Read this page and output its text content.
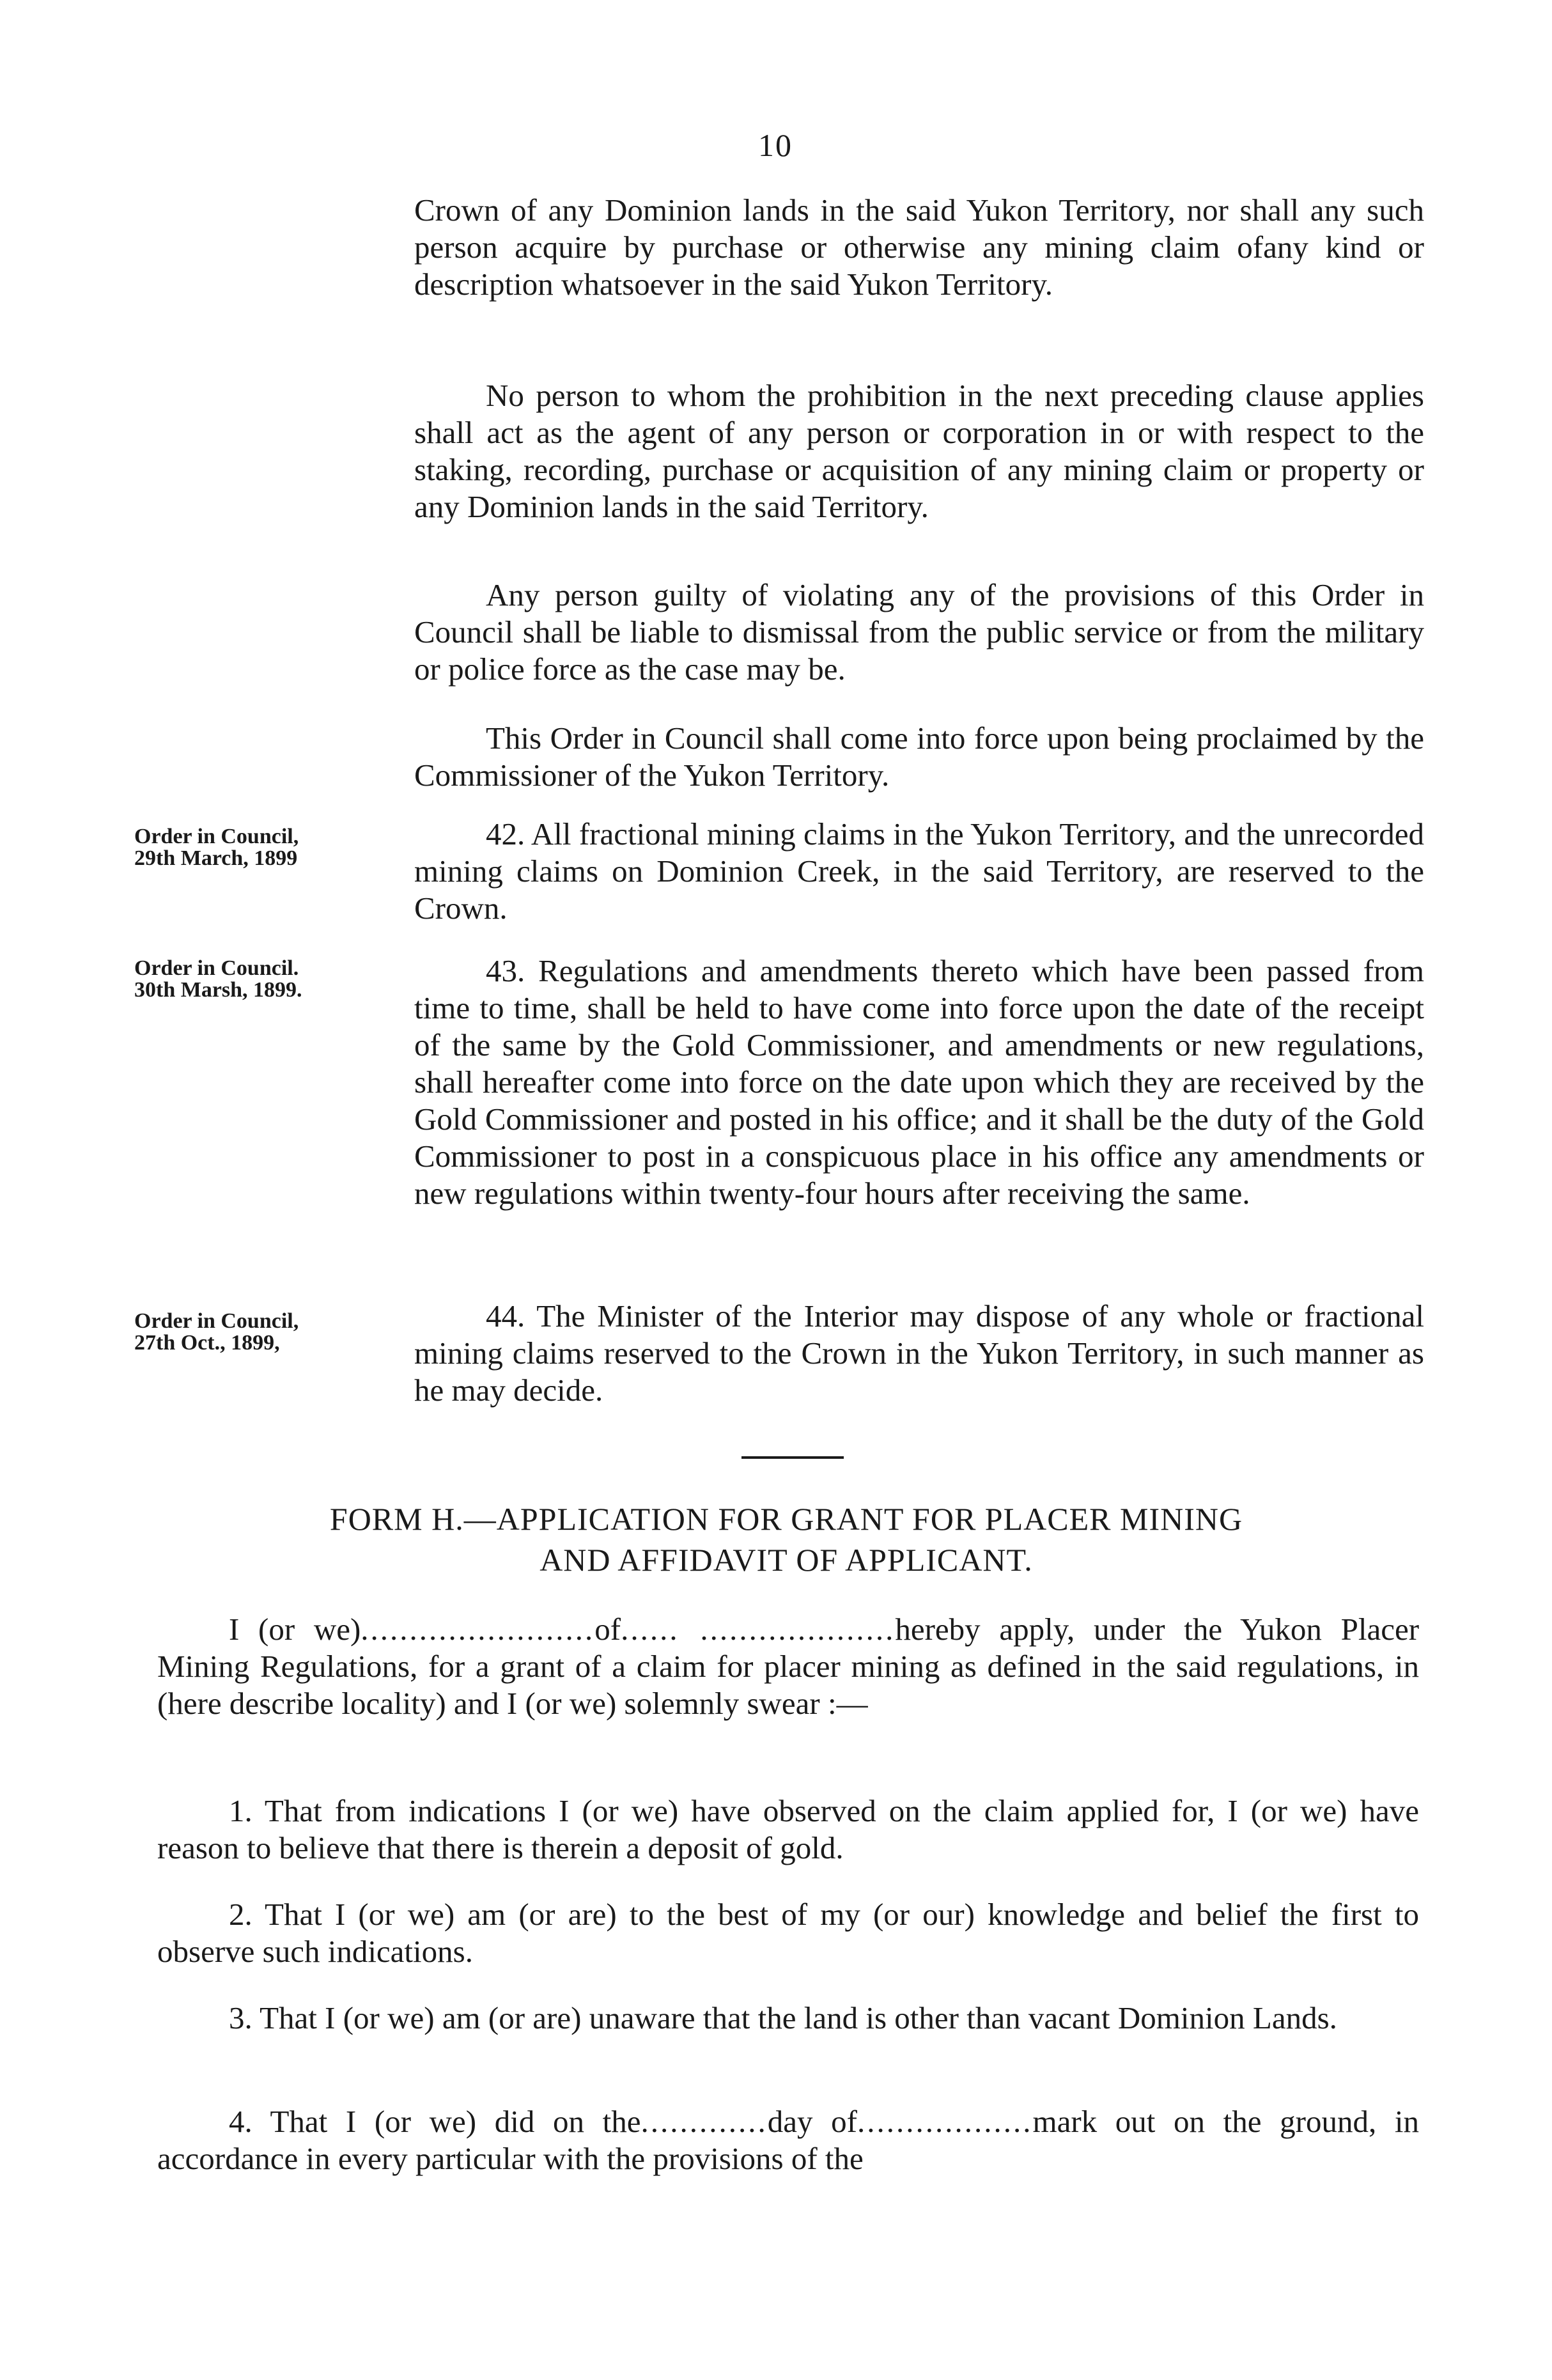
10

Crown of any Dominion lands in the said Yukon Territory, nor shall any such person acquire by purchase or otherwise any mining claim ofany kind or description whatsoever in the said Yukon Territory.

No person to whom the prohibition in the next preceding clause applies shall act as the agent of any person or corporation in or with respect to the staking, recording, purchase or acquisition of any mining claim or property or any Dominion lands in the said Territory.

Any person guilty of violating any of the provisions of this Order in Council shall be liable to dismissal from the public service or from the military or police force as the case may be.

This Order in Council shall come into force upon being proclaimed by the Commissioner of the Yukon Territory.

Order in Council,
29th March, 1899

42. All fractional mining claims in the Yukon Territory, and the unrecorded mining claims on Dominion Creek, in the said Territory, are reserved to the Crown.

Order in Council.
30th Marsh, 1899.

43. Regulations and amendments thereto which have been passed from time to time, shall be held to have come into force upon the date of the receipt of the same by the Gold Commissioner, and amendments or new regulations, shall hereafter come into force on the date upon which they are received by the Gold Commissioner and posted in his office; and it shall be the duty of the Gold Commissioner to post in a conspicuous place in his office any amendments or new regulations within twenty-four hours after receiving the same.

Order in Council,
27th Oct., 1899,

44. The Minister of the Interior may dispose of any whole or fractional mining claims reserved to the Crown in the Yukon Territory, in such manner as he may decide.

FORM H.—APPLICATION FOR GRANT FOR PLACER MINING
AND AFFIDAVIT OF APPLICANT.

I (or we)........................of...... ....................hereby apply, under the Yukon Placer Mining Regulations, for a grant of a claim for placer mining as defined in the said regulations, in (here describe locality) and I (or we) solemnly swear :—

1. That from indications I (or we) have observed on the claim applied for, I (or we) have reason to believe that there is therein a deposit of gold.

2. That I (or we) am (or are) to the best of my (or our) knowledge and belief the first to observe such indications.

3. That I (or we) am (or are) unaware that the land is other than vacant Dominion Lands.

4. That I (or we) did on the.............day of..................mark out on the ground, in accordance in every particular with the provisions of the
